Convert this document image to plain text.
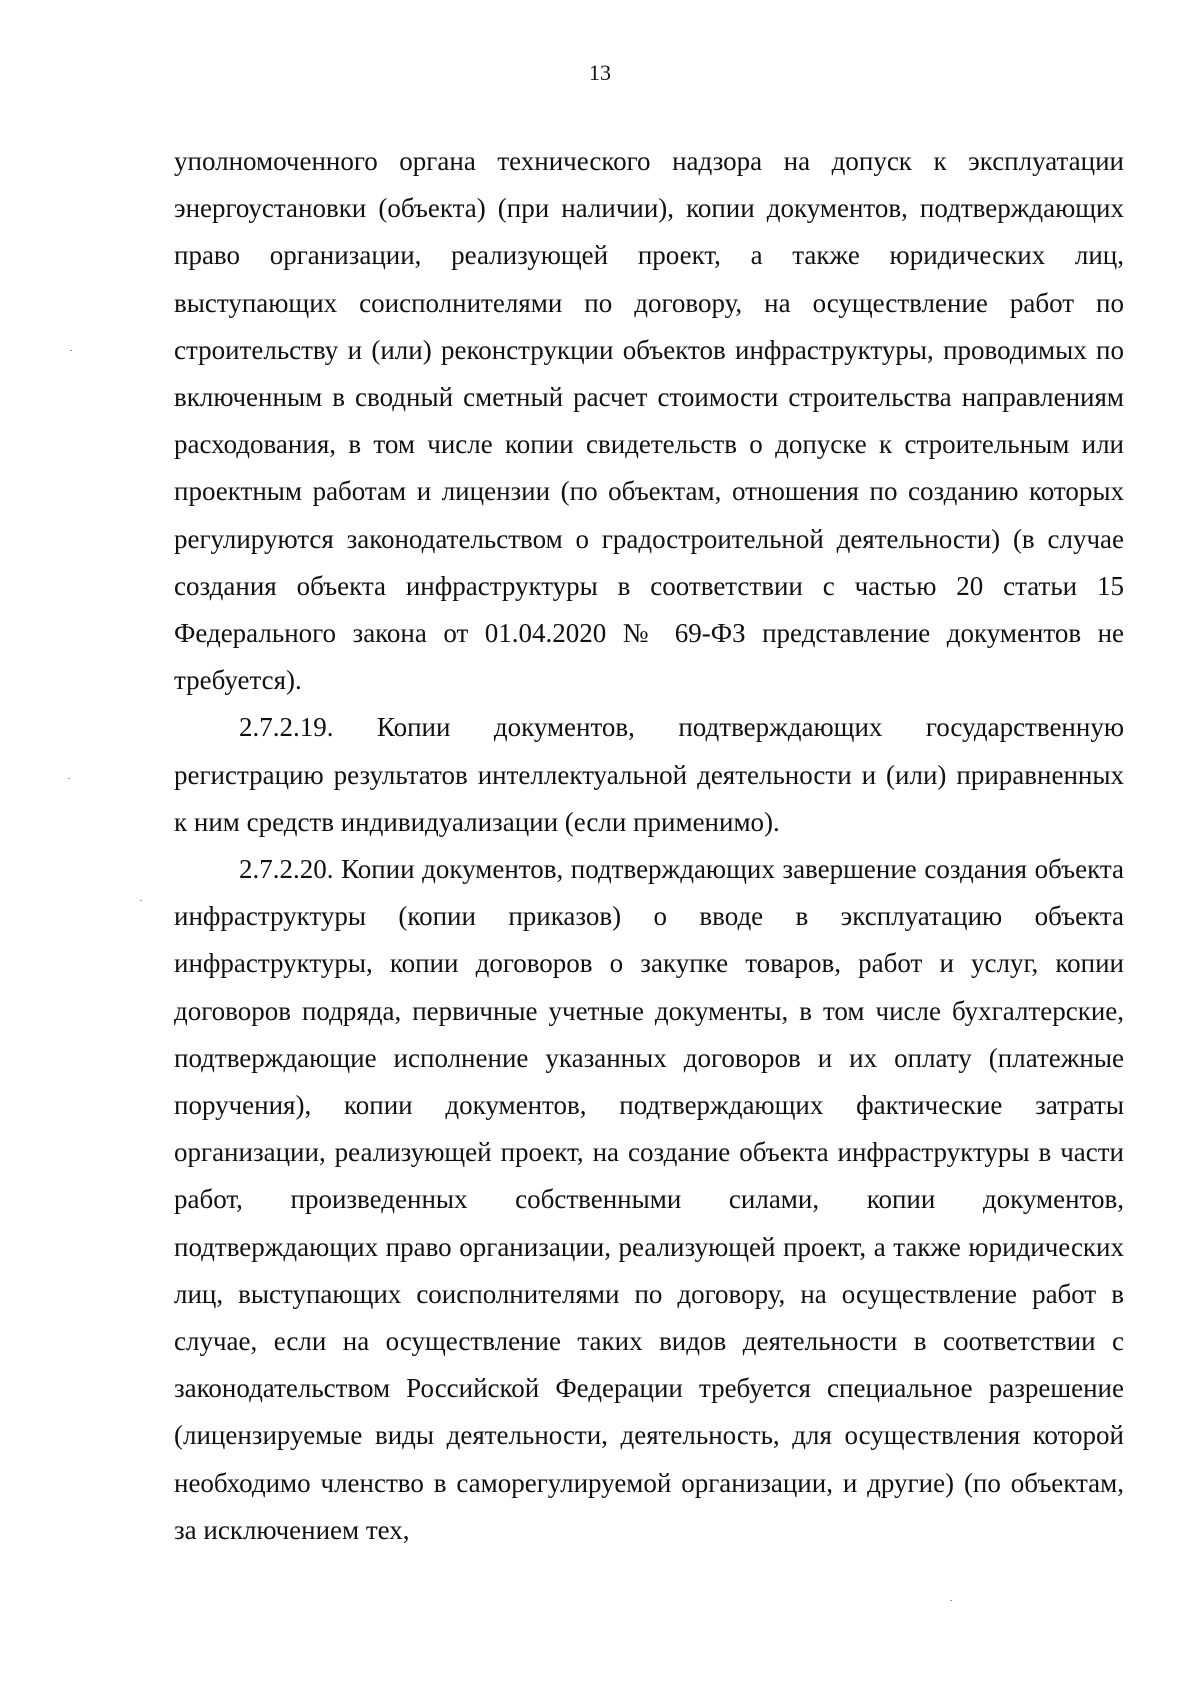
13

уполномоченного органа технического надзора на допуск к эксплуатации энергоустановки (объекта) (при наличии), копии документов, подтверждающих право организации, реализующей проект, а также юридических лиц, выступающих соисполнителями по договору, на осуществление работ по строительству и (или) реконструкции объектов инфраструктуры, проводимых по включенным в сводный сметный расчет стоимости строительства направлениям расходования, в том числе копии свидетельств о допуске к строительным или проектным работам и лицензии (по объектам, отношения по созданию которых регулируются законодательством о градостроительной деятельности) (в случае создания объекта инфраструктуры в соответствии с частью 20 статьи 15 Федерального закона от 01.04.2020 № 69-ФЗ представление документов не требуется).

2.7.2.19. Копии документов, подтверждающих государственную регистрацию результатов интеллектуальной деятельности и (или) приравненных к ним средств индивидуализации (если применимо).

2.7.2.20. Копии документов, подтверждающих завершение создания объекта инфраструктуры (копии приказов) о вводе в эксплуатацию объекта инфраструктуры, копии договоров о закупке товаров, работ и услуг, копии договоров подряда, первичные учетные документы, в том числе бухгалтерские, подтверждающие исполнение указанных договоров и их оплату (платежные поручения), копии документов, подтверждающих фактические затраты организации, реализующей проект, на создание объекта инфраструктуры в части работ, произведенных собственными силами, копии документов, подтверждающих право организации, реализующей проект, а также юридических лиц, выступающих соисполнителями по договору, на осуществление работ в случае, если на осуществление таких видов деятельности в соответствии с законодательством Российской Федерации требуется специальное разрешение (лицензируемые виды деятельности, деятельность, для осуществления которой необходимо членство в саморегулируемой организации, и другие) (по объектам, за исключением тех,
